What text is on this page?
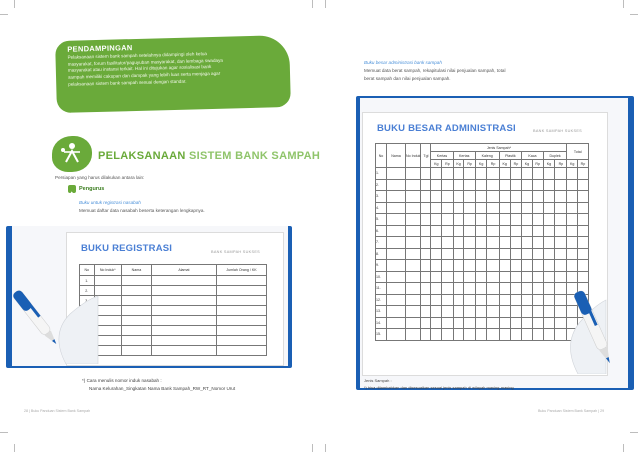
PENDAMPINGAN
Pelaksanaan sistem bank sampah setelahnya didampingi oleh ketua
masyarakat, forum fasilitator/paguyuban masyarakat, dan lembaga swadaya
masyarakat atau instansi terkait. Hal ini ditujukan agar sosialisasi bank
sampah memiliki cakupan dan dampak yang lebih luas serta menjaga agar
pelaksanaan sistem bank sampah sesuai dengan standar.
PELAKSANAAN SISTEM BANK SAMPAH
Persiapan yang harus dilakukan antara lain:
Pengurus
Buku untuk registrasi nasabah
Memuat daftar data nasabah beserta keterangan lengkapnya.
BUKU REGISTRASI	BANK SAMPAH SUKSES
No	No Induk*	Nama	Alamat	Jumlah Orang / KK
1.				
2.				
3.				

*) Cara menulis nomor induk nasabah :
Nama Kelurahan_Singkatan Nama Bank Sampah_RW_RT_Nomor Urut
28 | Buku Panduan Sistem Bank Sampah
Buku besar administrasi bank sampah
Memuat data berat sampah, rekapitulasi nilai penjualan sampah, total
berat sampah dan nilai penjualan sampah.
BUKU BESAR ADMINISTRASI	BANK SAMPAH SUKSES
No	Nama	No Induk	Tgl	Jenis Sampah*												Total	
				Kertas		Kertas		Kaleng		Plastik		Kaca		Duplek			
				Kg	Rp	Kg	Rp	Kg	Rp	Kg	Rp	Kg	Rp	Kg	Rp	Kg	Rp
1.																	
2.																	
3.																	
4.																	
5.																	
6.																	
7.																	
8.																	
9.																	
10.																	
11.																	
12.																	
13.																	
14.																	
15.																	
Jenis Sampah :
*) bisa ditambahkan dan disesuaikan sesuai jenis sampah di wilayah masing-masing
Buku Panduan Sistem Bank Sampah | 29
